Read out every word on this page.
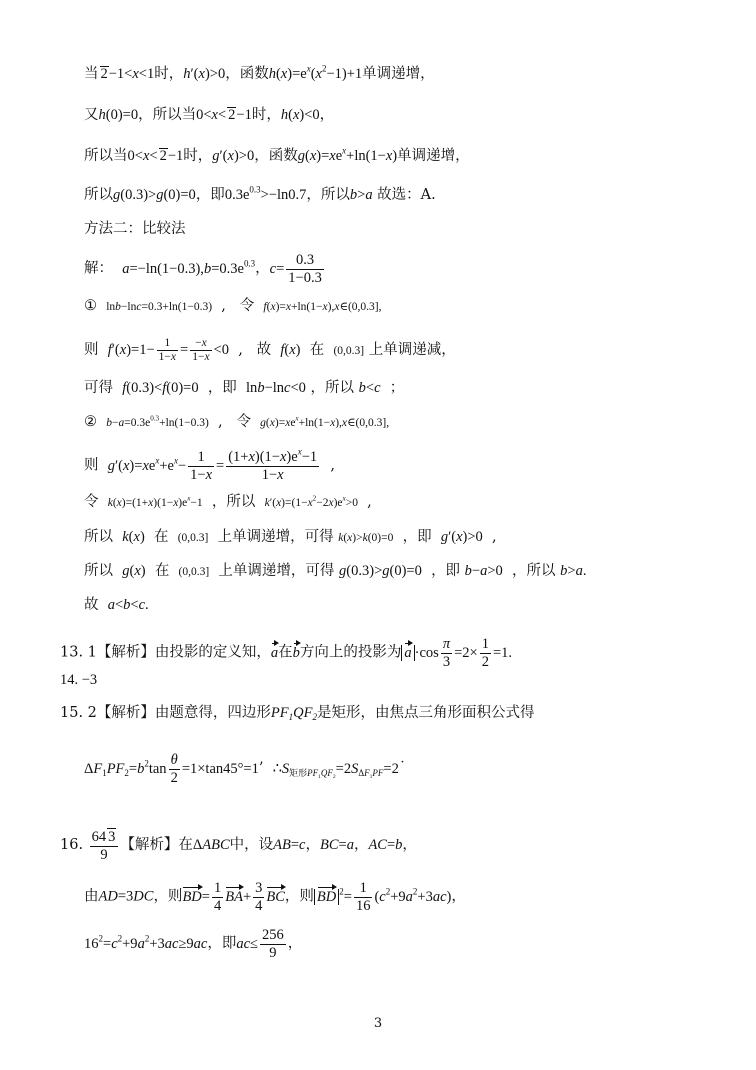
当 2−1<x<1时，h′(x)>0，函数$h(x)=e^x(x^2-1)+1$单调递增，
又h(0)=0，所以当0<x< 2−1时，h(x)<0，
所以当0<x< 2−1时，g′(x)>0，函数$g(x)=xe^x+\ln(1-x)$单调递增，
所以g(0.3)>g(0)=0，即$0.3e^{0.3}>-\ln 0.7$，所以b>a 故选：A.
方法二：比较法
解： $a=-\ln(1-0.3),b=0.3e^{0.3}$，$c= \frac{0.3}{1-0.3}$
① lnb−lnc=0.3+ln(1−0.3)  ,   令 f(x)=x+ln(1−x),x∈(0,0.3],
则 $f'(x)=1- \frac{1}{1-x} = \frac{-x}{1-x} <0$  ,   故 f(x) 在 (0,0.3] 上单调递减，
可得 f(0.3)<f(0)=0 ，即 lnb−lnc<0 ，所以 b<c ；
② $b-a=0.3e^{0.3}+\ln(1-0.3)$  ,   令 $g(x)=xe^x+\ln(1-x),x\in(0,0.3]$,
则 $g'(x)=xe^x+e^x- \frac{1}{1-x} = \frac{(1+x)(1-x)e^x-1}{1-x}$ ,
令 $k(x)=(1+x)(1-x)e^x-1$ ，所以 $k'(x)=(1-x^2-2x)e^x>0$  ,
所以 k(x) 在 (0,0.3] 上单调递增，可得 k(x)>k(0)=0 ，即 g′(x)>0  ,
所以 g(x) 在 (0,0.3] 上单调递增，可得 g(0.3)>g(0)=0 ，即 b−a>0 ，所以 b>a.
故 a<b<c.
13. 1【解析】由投影的定义知，a在b方向上的投影为 $a \cdot\cos \frac{\pi}{3} =2\times \frac{1}{2} =1$.
14. −3
15. 2【解析】由题意得，四边形$PF_1QF_2$是矩形，由焦点三角形面积公式得
$\Delta F_1PF_2=b^2\tan \frac{\theta}{2} =1\times\tan 45^\circ=1$’  $\therefore S_{矩形PF_1QF_2}=2S_{\Delta F_1PF}=2˙$
16. $\frac{64 3}{9}$ 【解析】在ΔABC中，设AB=c，BC=a，AC=b，
由AD=3DC，则$BD= \frac{1}{4} BA+ \frac{3}{4}$ BC，则 BD $^2= \frac{1}{16} (c^2+9a^2+3ac)$，
$16^2=c^2+9a^2+3ac\ge 9ac$，即$ac\le \frac{256}{9}$ ，
3
